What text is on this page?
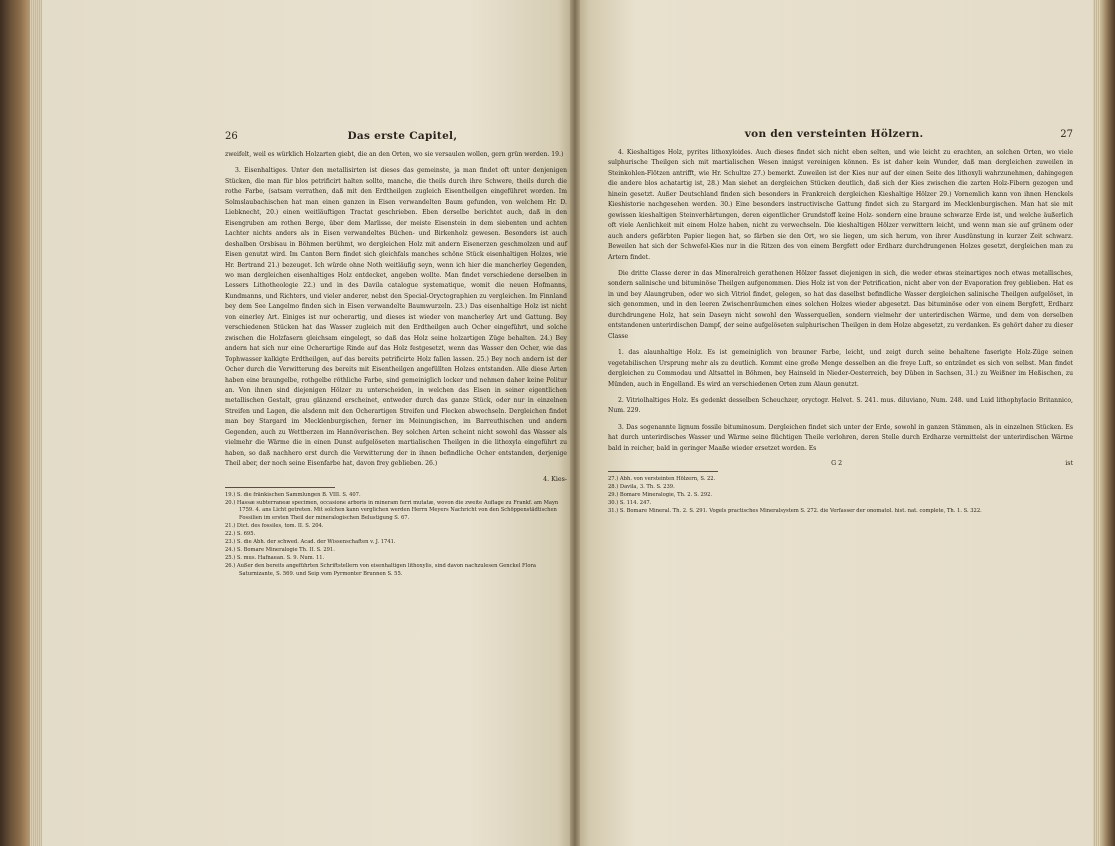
26	Das erste Capitel,

zweifelt, weil es würklich Holzarten giebt, die an den Orten, wo sie versaulen wollen, gern grün werden. 19.)

3. Eisenhaltiges. Unter den metallisirten ist dieses das gemeinste, ja man findet oft unter denjenigen Stücken, die man für blos petrificirt halten sollte, manche, die theils durch ihre Schwere, theils durch die rothe Farbe, (satsam verrathen, daß mit den Erdtheilgen zugleich Eisentheilgen eingeführet worden. Im Solmslaubachischen hat man einen ganzen in Eisen verwandelten Baum gefunden, von welchem Hr. D. Liebknecht, 20.) einen weitläuftigen Tractat geschrieben. Eben derselbe berichtet auch, daß in den Eisengruben am rothen Berge, über dem Marlisse, der meiste Eisenstein in dem siebenten und achten Lachter nichts anders als in Eisen verwandeltes Büchen- und Birkenholz gewesen. Besonders ist auch deshalben Orsbisau in Böhmen berühmt, wo dergleichen Holz mit andern Eisenerzen geschmolzen und auf Eisen genutzt wird. Im Canton Bern findet sich gleichfals manches schöne Stück eisenhaltigen Holzes, wie Hr. Bertrand 21.) bezeuget. Ich würde ohne Noth weitläufig seyn, wenn ich hier die mancherley Gegenden, wo man dergleichen eisenhaltiges Holz entdecket, angeben wollte. Man findet verschiedene derselben in Lessers Lithotheologie 22.) und in des Davila catalogue systematique, womit die neuen Hofmanns, Kundmanns, und Richters, und vieler anderer, nebst den Special-Oryctographien zu vergleichen. Im Finnland bey dem See Langelmo finden sich in Eisen verwandelte Baumwurzeln. 23.) Das eisenhaltige Holz ist nicht von einerley Art. Einiges ist nur ocherartig, und dieses ist wieder von mancherley Art und Gattung. Bey verschiedenen Stücken hat das Wasser zugleich mit den Erdtheilgen auch Ocher eingeführt, und solche zwischen die Holzfasern gleichsam eingelegt, so daß das Holz seine holzartigen Züge behalten. 24.) Bey andern hat sich nur eine Ocherartige Rinde auf das Holz festgesetzt, wenn das Wasser den Ocher, wie das Tophwasser kalkigte Erdtheilgen, auf das bereits petrificirte Holz fallen lassen. 25.) Bey noch andern ist der Ocher durch die Verwitterung des bereits mit Eisentheilgen angefüllten Holzes entstanden. Alle diese Arten haben eine braungelbe, rothgelbe röthliche Farbe, sind gemeiniglich locker und nehmen daher keine Politur an. Von ihnen sind diejenigen Hölzer zu unterscheiden, in welchen das Eisen in seiner eigentlichen metallischen Gestalt, grau glänzend erscheinet, entweder durch das ganze Stück, oder nur in einzelnen Streifen und Lagen, die alsdenn mit den Ocherartigen Streifen und Flecken abwechseln. Dergleichen findet man bey Stargard im Mecklenburgischen, ferner im Meinungischen, im Barreuthischen und andern Gegenden, auch zu Wettberzen im Hannöverischen. Bey solchen Arten scheint nicht sowohl das Wasser als vielmehr die Wärme die in einen Dunst aufgelöseten martialischen Theilgen in die lithoxyla eingeführt zu haben, so daß nachhero erst durch die Verwitterung der in ihnen befindliche Ocher entstanden, derjenige Theil aber, der noch seine Eisenfarbe hat, davon frey geblieben. 26.)

4. Kies-

19.) S. die fränkischen Sammlungen B. VIII. S. 407.

20.) Hassæ subterraneæ specimen, occasione arboris in mineram ferri mutatæ, wovon die zweite Auflage zu Frankf. am Mayn 1759. 4. ans Licht getreten. Mit solchen kann verglichen werden Herrn Meyers Nachricht von den Schöppenstädtischen Fossilien im ersten Theil der mineralogischen Belustigung S. 67.

21.) Dict. des fossiles, tom. II. S. 204.

22.) S. 695.

23.) S. die Abh. der schwed. Acad. der Wissenschaften v. J. 1741.

24.) S. Bomare Mineralogie Th. II. S. 291.

25.) S. mus. Hafnaean. S. 9. Num. 11.

26.) Außer den bereits angeführten Schriftstellern von eisenhaltigen lithoxylis, sind davon nachzulesen Genckel Flora Saturnizante, S. 569. und Seip vom Pyrmonter Brunnen S. 55.

von den versteinten Hölzern.	27

4. Kieshaltiges Holz, pyrites lithoxyloides. Auch dieses findet sich nicht eben selten, und wie leicht zu erachten, an solchen Orten, wo viele sulphurische Theilgen sich mit martialischen Wesen innigst vereinigen können. Es ist daher kein Wunder, daß man dergleichen zuweilen in Steinkohlen-Flötzen antrifft, wie Hr. Schultze 27.) bemerkt. Zuweilen ist der Kies nur auf der einen Seite des lithoxyli wahrzunehmen, dahingegen die andere blos achatartig ist, 28.) Man siehet an dergleichen Stücken deutlich, daß sich der Kies zwischen die zarten Holz-Fibern gezogen und hinein gesetzt. Außer Deutschland finden sich besonders in Frankreich dergleichen Kieshaltige Hölzer 29.) Vornemlich kann von ihnen Henckels Kieshistorie nachgesehen werden. 30.) Eine besonders instructivische Gattung findet sich zu Stargard im Mecklenburgischen. Man hat sie mit gewissen kieshaltigen Steinverhärtungen, deren eigentlicher Grundstoff keine Holz- sondern eine braune schwarze Erde ist, und welche äußerlich oft viele Aenlichkeit mit einem Holze haben, nicht zu verwechseln. Die kieshaltigen Hölzer verwittern leicht, und wenn man sie auf grünem oder auch anders gefärbten Papier liegen hat, so färben sie den Ort, wo sie liegen, um sich herum, von ihrer Ausdünstung in kurzer Zeit schwarz. Beweilen hat sich der Schwefel-Kies nur in die Ritzen des von einem Bergfett oder Erdharz durchdrungenen Holzes gesetzt, dergleichen man zu Artern findet.

Die dritte Classe derer in das Mineralreich gerathenen Hölzer fasset diejenigen in sich, die weder etwas steinartiges noch etwas metallisches, sondern salinische und bituminöse Theilgen aufgenommen. Dies Holz ist von der Petrification, nicht aber von der Evaporation frey geblieben. Hat es in und bey Alaungruben, oder wo sich Vitriol findet, gelegen, so hat das daselbst befindliche Wasser dergleichen salinische Theilgen aufgelöset, in sich genommen, und in den leeren Zwischenräumchen eines solchen Holzes wieder abgesetzt. Das bituminöse oder von einem Bergfett, Erdharz durchdrungene Holz, hat sein Daseyn nicht sowohl den Wasserquellen, sondern vielmehr der unterirdischen Wärme, und dem von derselben entstandenen unterirdischen Dampf, der seine aufgelöseten sulphurischen Theilgen in dem Holze abgesetzt, zu verdanken. Es gehört daher zu dieser Classe

1. das alaunhaltige Holz. Es ist gemeiniglich von brauner Farbe, leicht, und zeigt durch seine behaltene faserigte Holz-Züge seinen vegetabilischen Ursprung mehr als zu deutlich. Kommt eine große Menge desselben an die freye Luft, so entzündet es sich von selbst. Man findet dergleichen zu Commodau und Altsattel in Böhmen, bey Hainseld in Nieder-Oesterreich, bey Düben in Sachsen, 31.) zu Weißner im Heßischen, zu Münden, auch in Engelland. Es wird an verschiedenen Orten zum Alaun genutzt.

2. Vitriolhaltiges Holz. Es gedenkt desselben Scheuchzer, oryctogr. Helvet. S. 241. mus. diluviano, Num. 248. und Luid lithophylacio Britannico, Num. 229.

3. Das sogenannte lignum fossile bituminosum. Dergleichen findet sich unter der Erde, sowohl in ganzen Stämmen, als in einzelnen Stücken. Es hat durch unterirdisches Wasser und Wärme seine flüchtigen Theile verlohren, deren Stelle durch Erdharze vermittelst der unterirdischen Wärme bald in reicher, bald in geringer Maaße wieder ersetzet worden. Es

G 2	ist

27.) Abh. von versteinten Hölzern, S. 22.

28.) Davila, 3. Th. S. 239.

29.) Bomare Mineralogie, Th. 2. S. 292.

30.) S. 114. 247.

31.) S. Bomare Mineral. Th. 2. S. 291. Vogels practisches Mineralsystem S. 272. die Verfasser der onomatol. hist. nat. complete, Th. 1. S. 322.
